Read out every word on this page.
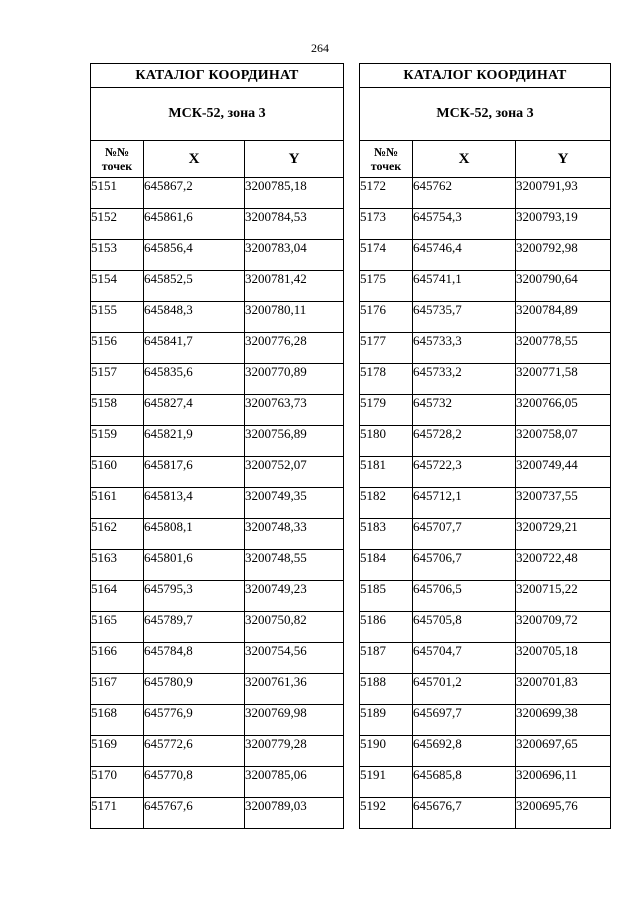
264
КАТАЛОГ КООРДИНАТ		
МСК-52, зона 3		
№№
точек	X	Y
5151	645867,2	3200785,18
5152	645861,6	3200784,53
5153	645856,4	3200783,04
5154	645852,5	3200781,42
5155	645848,3	3200780,11
5156	645841,7	3200776,28
5157	645835,6	3200770,89
5158	645827,4	3200763,73
5159	645821,9	3200756,89
5160	645817,6	3200752,07
5161	645813,4	3200749,35
5162	645808,1	3200748,33
5163	645801,6	3200748,55
5164	645795,3	3200749,23
5165	645789,7	3200750,82
5166	645784,8	3200754,56
5167	645780,9	3200761,36
5168	645776,9	3200769,98
5169	645772,6	3200779,28
5170	645770,8	3200785,06
5171	645767,6	3200789,03
КАТАЛОГ КООРДИНАТ		
МСК-52, зона 3		
№№
точек	X	Y
5172	645762	3200791,93
5173	645754,3	3200793,19
5174	645746,4	3200792,98
5175	645741,1	3200790,64
5176	645735,7	3200784,89
5177	645733,3	3200778,55
5178	645733,2	3200771,58
5179	645732	3200766,05
5180	645728,2	3200758,07
5181	645722,3	3200749,44
5182	645712,1	3200737,55
5183	645707,7	3200729,21
5184	645706,7	3200722,48
5185	645706,5	3200715,22
5186	645705,8	3200709,72
5187	645704,7	3200705,18
5188	645701,2	3200701,83
5189	645697,7	3200699,38
5190	645692,8	3200697,65
5191	645685,8	3200696,11
5192	645676,7	3200695,76
